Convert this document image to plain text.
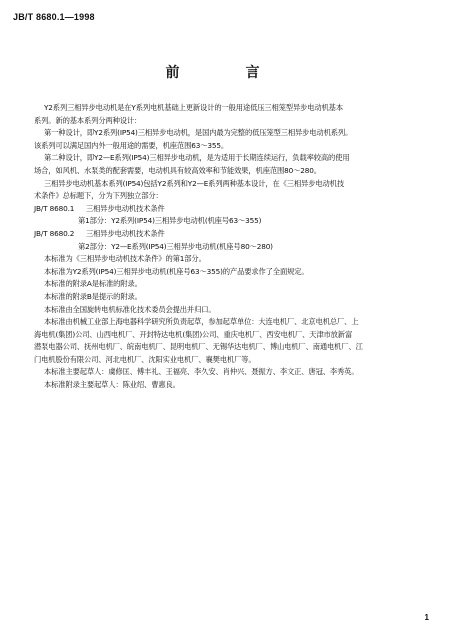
JB/T 8680.1—1998
前　言
Y2系列三相异步电动机是在Y系列电机基础上更新设计的一般用途低压三相笼型异步电动机基本
系列。新的基本系列分两种设计：
第一种设计，即Y2系列(IP54)三相异步电动机，是国内最为完整的低压笼型三相异步电动机系列。
该系列可以满足国内外一般用途的需要，机座范围63～355。
第二种设计，即Y2—E系列(IP54)三相异步电动机，是为适用于长期连续运行，负载率较高的使用
场合，如风机、水泵类的配套需要，电动机具有较高效率和节能效果，机座范围80～280。
三相异步电动机基本系列(IP54)包括Y2系列和Y2—E系列两种基本设计，在《三相异步电动机技
术条件》总标题下，分为下列独立部分：
JB/T 8680.1	三相异步电动机技术条件
第1部分：Y2系列(IP54)三相异步电动机(机座号63～355)
JB/T 8680.2	三相异步电动机技术条件
第2部分：Y2—E系列(IP54)三相异步电动机(机座号80～280)
本标准为《三相异步电动机技术条件》的第1部分。
本标准为Y2系列(IP54)三相异步电动机(机座号63～355)的产品要求作了全面规定。
本标准的附录A是标准的附录。
本标准的附录B是提示的附录。
本标准由全国旋转电机标准化技术委员会提出并归口。
本标准由机械工业部上海电器科学研究所负责起草，参加起草单位：大连电机厂、北京电机总厂、上
海电机(集团)公司、山西电机厂、开封特达电机(集团)公司、重庆电机厂、西安电机厂、天津市放新富
潜泵电器公司、抚州电机厂、皖南电机厂、昆明电机厂、无锡华达电机厂、博山电机厂、南通电机厂、江
门电机股份有限公司、河北电机厂、沈阳实业电机厂、襄樊电机厂等。
本标准主要起草人：虞修匡、傅丰礼、王福亮、李久安、肖仲兴、聂振方、李文正、唐冠、李秀英。
本标准附录主要起草人：陈业绍、曹惠良。
1
